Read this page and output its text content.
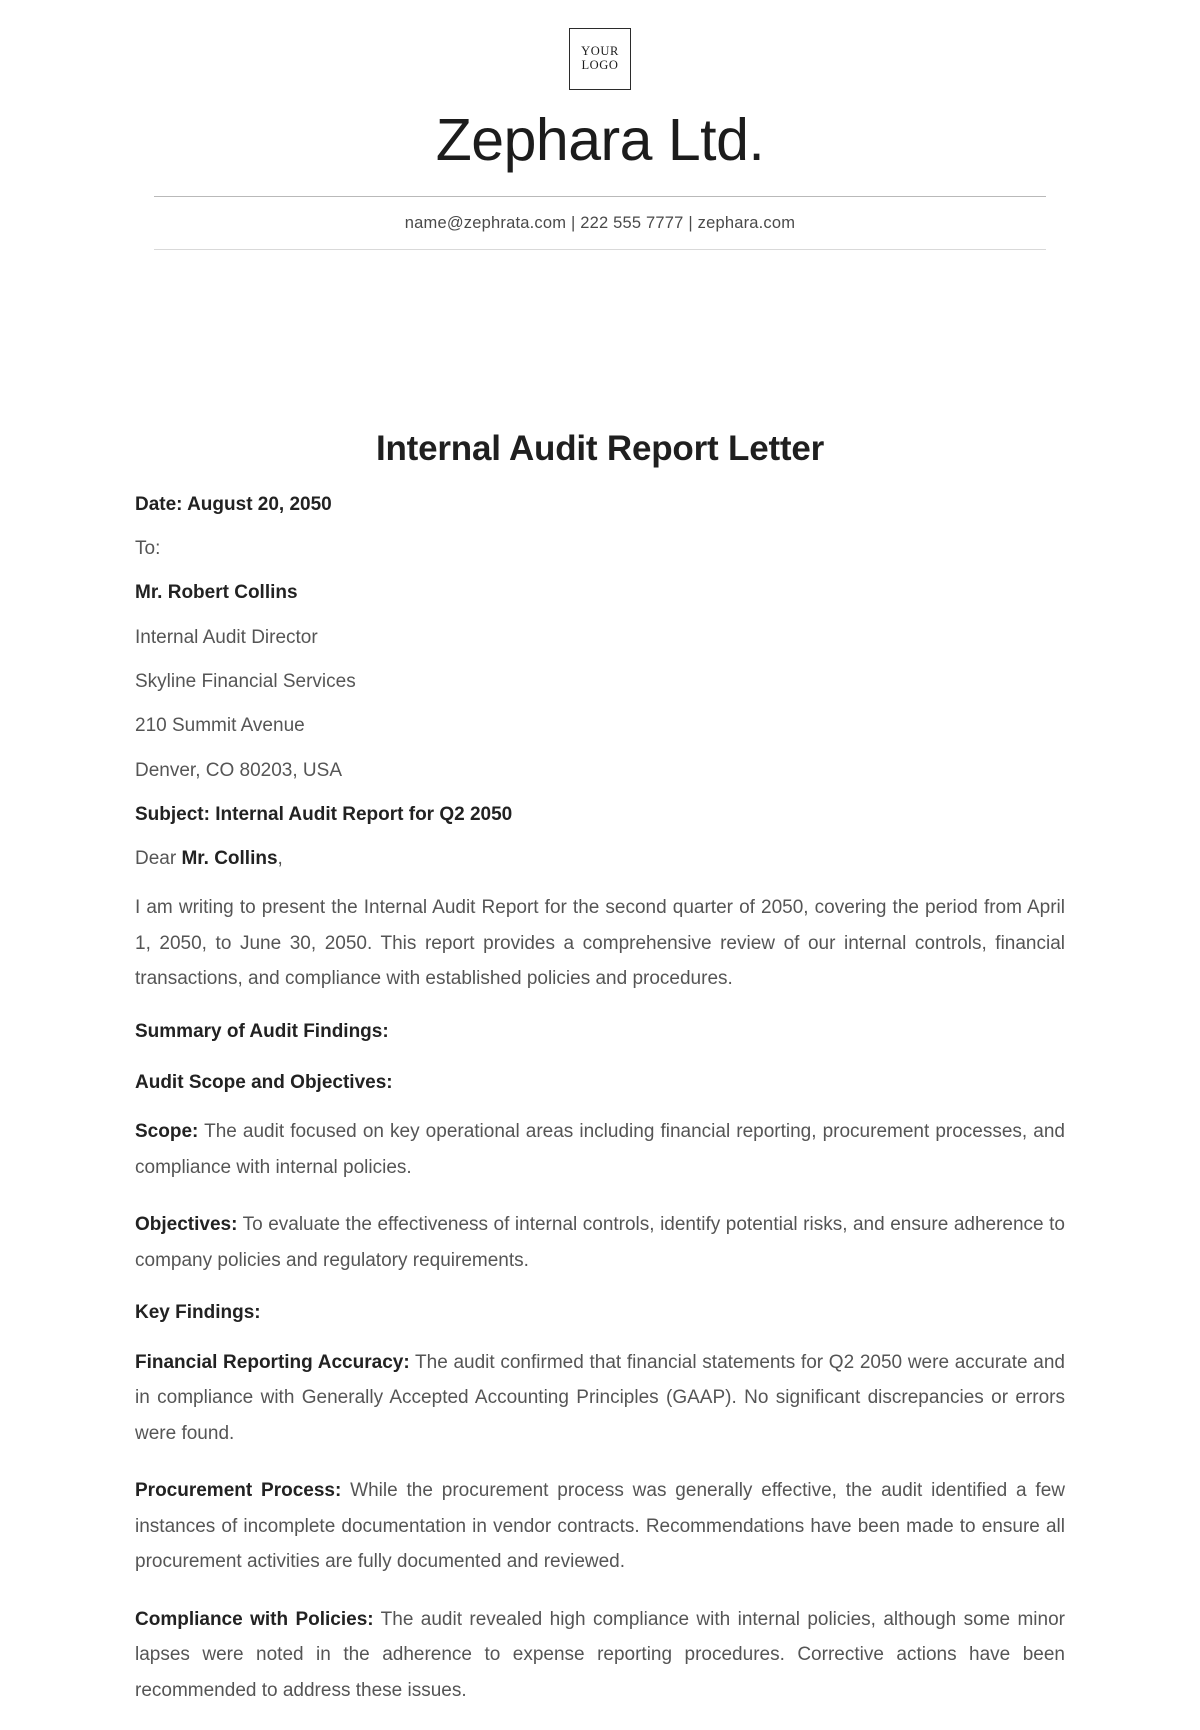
YOUR
LOGO
Zephara Ltd.
name@zephrata.com | 222 555 7777 | zephara.com
Internal Audit Report Letter

Date: August 20, 2050

To:

Mr. Robert Collins

Internal Audit Director

Skyline Financial Services

210 Summit Avenue

Denver, CO 80203, USA

Subject: Internal Audit Report for Q2 2050

Dear Mr. Collins,

I am writing to present the Internal Audit Report for the second quarter of 2050, covering the period from April 1, 2050, to June 30, 2050. This report provides a comprehensive review of our internal controls, financial transactions, and compliance with established policies and procedures.

Summary of Audit Findings:

Audit Scope and Objectives:

Scope: The audit focused on key operational areas including financial reporting, procurement processes, and compliance with internal policies.

Objectives: To evaluate the effectiveness of internal controls, identify potential risks, and ensure adherence to company policies and regulatory requirements.

Key Findings:

Financial Reporting Accuracy: The audit confirmed that financial statements for Q2 2050 were accurate and in compliance with Generally Accepted Accounting Principles (GAAP). No significant discrepancies or errors were found.

Procurement Process: While the procurement process was generally effective, the audit identified a few instances of incomplete documentation in vendor contracts. Recommendations have been made to ensure all procurement activities are fully documented and reviewed.

Compliance with Policies: The audit revealed high compliance with internal policies, although some minor lapses were noted in the adherence to expense reporting procedures. Corrective actions have been recommended to address these issues.
